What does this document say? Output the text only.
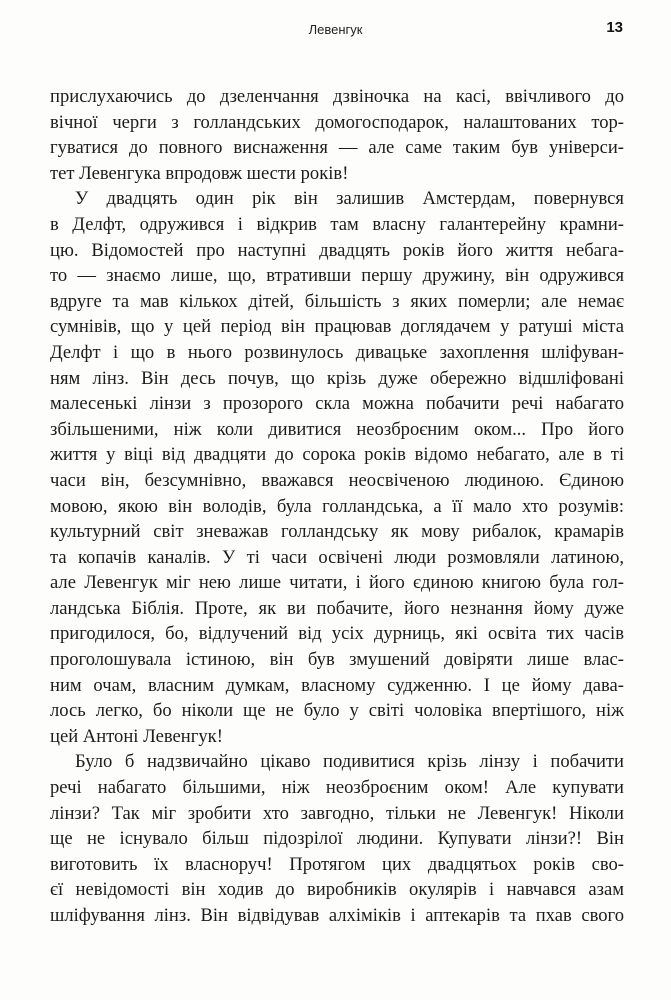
Левенгук	13
прислухаючись до дзеленчання дзвіночка на касі, ввічливого до
вічної черги з голландських домогосподарок, налаштованих тор-
гуватися до повного виснаження — але саме таким був універси-
тет Левенгука впродовж шести років!
У двадцять один рік він залишив Амстердам, повернувся
в Делфт, одружився і відкрив там власну галантерейну крамни-
цю. Відомостей про наступні двадцять років його життя небага-
то — знаємо лише, що, втративши першу дружину, він одружився
вдруге та мав кількох дітей, більшість з яких померли; але немає
сумнівів, що у цей період він працював доглядачем у ратуші міста
Делфт і що в нього розвинулось дивацьке захоплення шліфуван-
ням лінз. Він десь почув, що крізь дуже обережно відшліфовані
малесенькі лінзи з прозорого скла можна побачити речі набагато
збільшеними, ніж коли дивитися неозброєним оком... Про його
життя у віці від двадцяти до сорока років відомо небагато, але в ті
часи він, безсумнівно, вважався неосвіченою людиною. Єдиною
мовою, якою він володів, була голландська, а її мало хто розумів:
культурний світ зневажав голландську як мову рибалок, крамарів
та копачів каналів. У ті часи освічені люди розмовляли латиною,
але Левенгук міг нею лише читати, і його єдиною книгою була гол-
ландська Біблія. Проте, як ви побачите, його незнання йому дуже
пригодилося, бо, відлучений від усіх дурниць, які освіта тих часів
проголошувала істиною, він був змушений довіряти лише влас-
ним очам, власним думкам, власному судженню. І це йому дава-
лось легко, бо ніколи ще не було у світі чоловіка впертішого, ніж
цей Антоні Левенгук!
Було б надзвичайно цікаво подивитися крізь лінзу і побачити
речі набагато більшими, ніж неозброєним оком! Але купувати
лінзи? Так міг зробити хто завгодно, тільки не Левенгук! Ніколи
ще не існувало більш підозрілої людини. Купувати лінзи?! Він
виготовить їх власноруч! Протягом цих двадцятьох років сво-
єї невідомості він ходив до виробників окулярів і навчався азам
шліфування лінз. Він відвідував алхіміків і аптекарів та пхав свого
